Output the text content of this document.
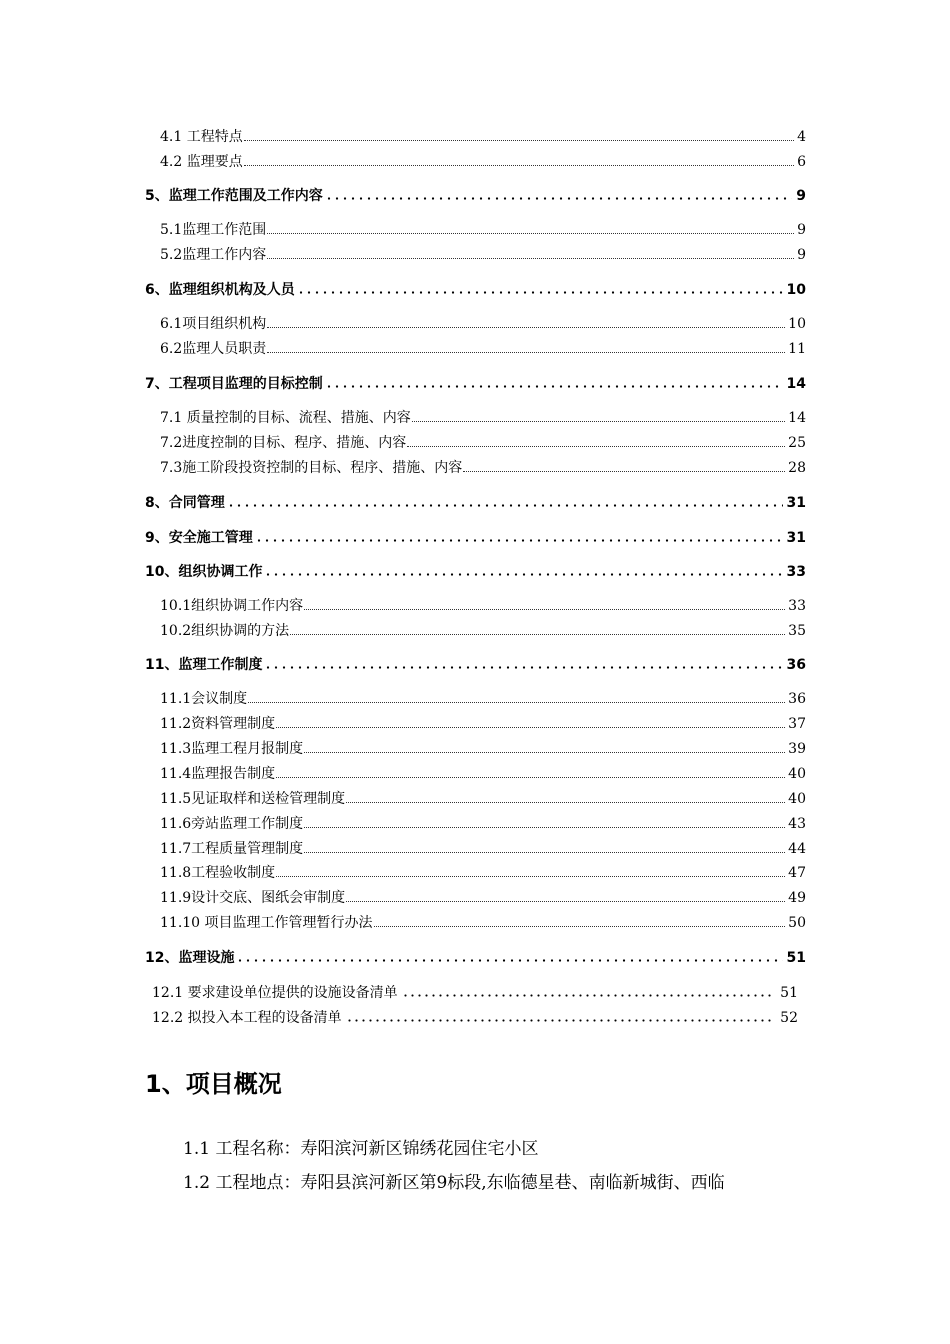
4.1 工程特点	4
4.2 监理要点	6
5、监理工作范围及工作内容	9
5.1监理工作范围	9
5.2监理工作内容	9
6、监理组织机构及人员	10
6.1项目组织机构	10
6.2监理人员职责	11
7、工程项目监理的目标控制	14
7.1 质量控制的目标、流程、措施、内容	14
7.2进度控制的目标、程序、措施、内容	25
7.3施工阶段投资控制的目标、程序、措施、内容	28
8、合同管理	31
9、安全施工管理	31
10、组织协调工作	33
10.1组织协调工作内容	33
10.2组织协调的方法	35
11、监理工作制度	36
11.1会议制度	36
11.2资料管理制度	37
11.3监理工程月报制度	39
11.4监理报告制度	40
11.5见证取样和送检管理制度	40
11.6旁站监理工作制度	43
11.7工程质量管理制度	44
11.8工程验收制度	47
11.9设计交底、图纸会审制度	49
11.10 项目监理工作管理暂行办法	50
12、监理设施	51
12.1 要求建设单位提供的设施设备清单	51
12.2 拟投入本工程的设备清单	52
1、项目概况
1.1 工程名称：寿阳滨河新区锦绣花园住宅小区
1.2 工程地点：寿阳县滨河新区第9标段,东临德星巷、南临新城街、西临
